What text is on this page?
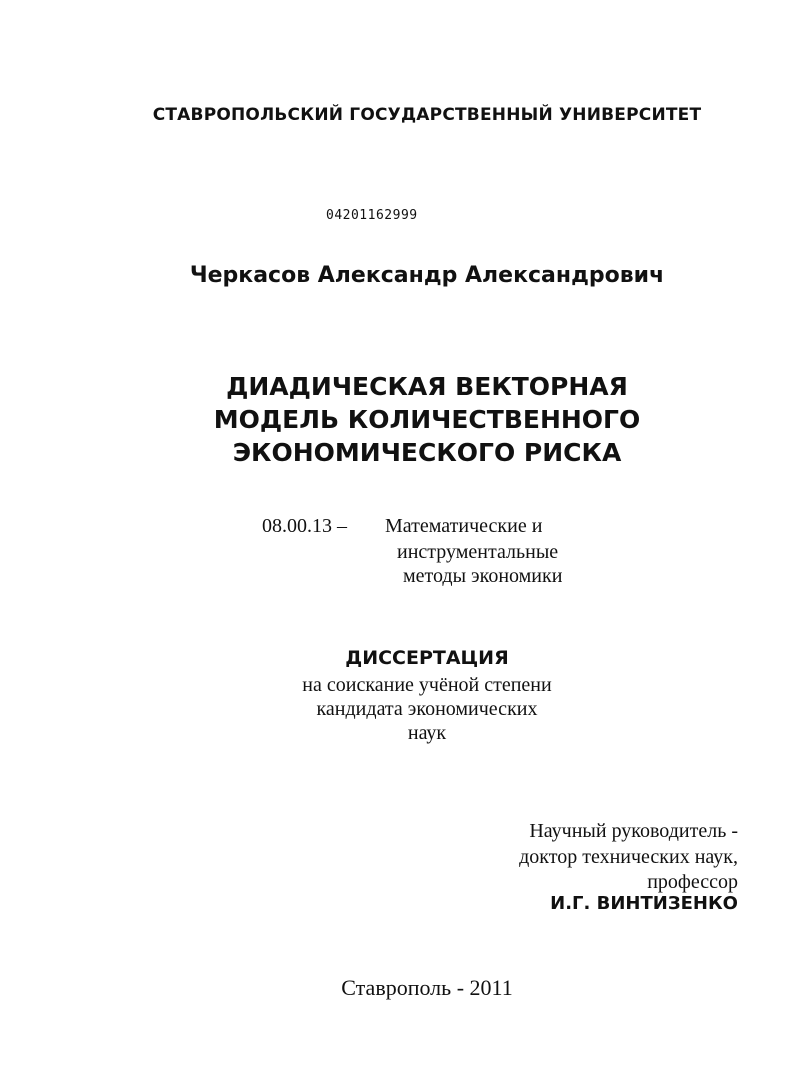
СТАВРОПОЛЬСКИЙ ГОСУДАРСТВЕННЫЙ УНИВЕРСИТЕТ
04201162999
Черкасов Александр Александрович
ДИАДИЧЕСКАЯ ВЕКТОРНАЯ
МОДЕЛЬ КОЛИЧЕСТВЕННОГО
ЭКОНОМИЧЕСКОГО РИСКА
08.00.13 – Математические и
инструментальные
методы экономики
ДИССЕРТАЦИЯ
на соискание учёной степени
кандидата экономических
наук
Научный руководитель -
доктор технических наук,
профессор
И.Г. ВИНТИЗЕНКО
Ставрополь - 2011
